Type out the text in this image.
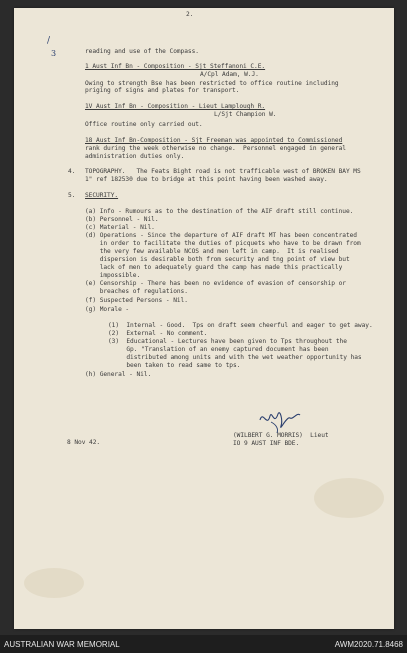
2.
/
3	reading and use of the Compass.
1 Aust Inf Bn - Composition - Sjt Steffanoni C.E.
A/Cpl Adam, W.J.
Owing to strength Bse has been restricted to office routine including
priging of signs and plates for transport.
1V Aust Inf Bn - Composition - Lieut Lamplough R.
L/Sjt Champion W.
Office routine only carried out.
18 Aust Inf Bn-Composition - Sjt Freeman was appointed to Commissioned
rank during the week otherwise no change.  Personnel engaged in general
administration duties only.
4. TOPOGRAPHY.   The Feats Bight road is not trafficable west of BROKEN BAY MS
1" ref 182530 due to bridge at this point having been washed away.
5. SECURITY.
(a) Info - Rumours as to the destination of the AIF draft still continue.
(b) Personnel - Nil.
(c) Material - Nil.
(d) Operations - Since the departure of AIF draft MT has been concentrated
in order to facilitate the duties of picquets who have to be drawn from
the very few available NCOS and men left in camp.  It is realised
dispersion is desirable both from security and tng point of view but
lack of men to adequately guard the camp has made this practically
impossible.
(e) Censorship - There has been no evidence of evasion of censorship or
breaches of regulations.
(f) Suspected Persons - Nil.
(g) Morale -
(1)  Internal - Good.  Tps on draft seem cheerful and eager to get away.
(2)  External - No comment.
(3)  Educational - Lectures have been given to Tps throughout the
Gp. "Translation of an enemy captured document has been
distributed among units and with the wet weather opportunity has
been taken to read same to tps.
(h) General - Nil.
(WILBERT G. MORRIS)  Lieut
IO 9 AUST INF BDE.
8 Nov 42.
AUSTRALIAN WAR MEMORIAL	AWM2020.71.8468
